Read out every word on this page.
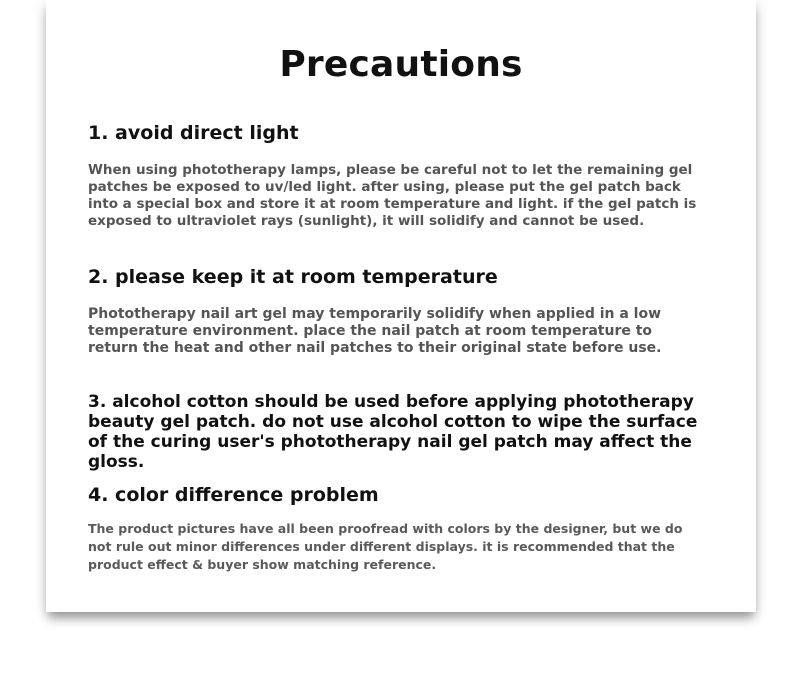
Precautions
1. avoid direct light

When using phototherapy lamps, please be careful not to let the remaining gel patches be exposed to uv/led light. after using, please put the gel patch back into a special box and store it at room temperature and light. if the gel patch is exposed to ultraviolet rays (sunlight), it will solidify and cannot be used.

2. please keep it at room temperature

Phototherapy nail art gel may temporarily solidify when applied in a low temperature environment. place the nail patch at room temperature to return the heat and other nail patches to their original state before use.

3. alcohol cotton should be used before applying phototherapy beauty gel patch. do not use alcohol cotton to wipe the surface of the curing user's phototherapy nail gel patch may affect the gloss.
4. color difference problem

The product pictures have all been proofread with colors by the designer, but we do not rule out minor differences under different displays. it is recommended that the product effect & buyer show matching reference.
